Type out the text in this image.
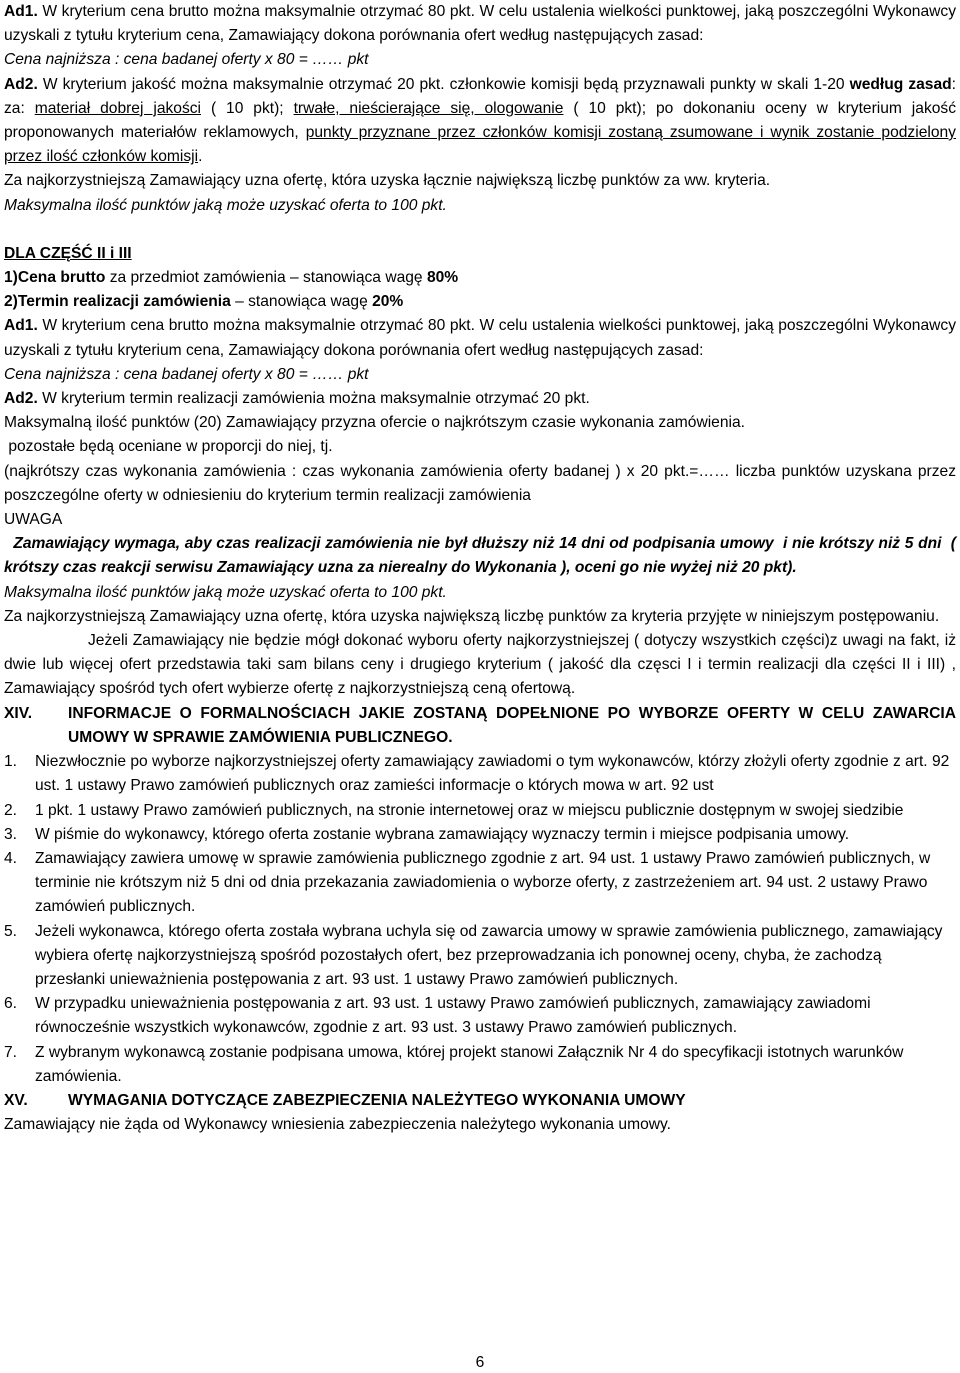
Ad1. W kryterium cena brutto można maksymalnie otrzymać 80 pkt. W celu ustalenia wielkości punktowej, jaką poszczególni Wykonawcy uzyskali z tytułu kryterium cena, Zamawiający dokona porównania ofert według następujących zasad:

Cena najniższa : cena badanej oferty x 80 = …… pkt

Ad2. W kryterium jakość można maksymalnie otrzymać 20 pkt. członkowie komisji będą przyznawali punkty w skali 1-20 według zasad: za: materiał dobrej jakości ( 10 pkt); trwałe, nieścierające się, ologowanie ( 10 pkt); po dokonaniu oceny w kryterium jakość proponowanych materiałów reklamowych, punkty przyznane przez członków komisji zostaną zsumowane i wynik zostanie podzielony przez ilość członków komisji.

Za najkorzystniejszą Zamawiający uzna ofertę, która uzyska łącznie największą liczbę punktów za ww. kryteria.

Maksymalna ilość punktów jaką może uzyskać oferta to 100 pkt.

DLA CZĘŚĆ II i III

1)Cena brutto za przedmiot zamówienia – stanowiąca wagę 80%

2)Termin realizacji zamówienia – stanowiąca wagę 20%

Ad1. W kryterium cena brutto można maksymalnie otrzymać 80 pkt. W celu ustalenia wielkości punktowej, jaką poszczególni Wykonawcy uzyskali z tytułu kryterium cena, Zamawiający dokona porównania ofert według następujących zasad:

Cena najniższa : cena badanej oferty x 80 = …… pkt

Ad2. W kryterium termin realizacji zamówienia można maksymalnie otrzymać 20 pkt.

Maksymalną ilość punktów (20) Zamawiający przyzna ofercie o najkrótszym czasie wykonania zamówienia.

pozostałe będą oceniane w proporcji do niej, tj.

(najkrótszy czas wykonania zamówienia : czas wykonania zamówienia oferty badanej ) x 20 pkt.=…… liczba punktów uzyskana przez poszczególne oferty w odniesieniu do kryterium termin realizacji zamówienia

UWAGA

Zamawiający wymaga, aby czas realizacji zamówienia nie był dłuższy niż 14 dni od podpisania umowy  i nie krótszy niż 5 dni  ( krótszy czas reakcji serwisu Zamawiający uzna za nierealny do Wykonania ), oceni go nie wyżej niż 20 pkt).

Maksymalna ilość punktów jaką może uzyskać oferta to 100 pkt.

Za najkorzystniejszą Zamawiający uzna ofertę, która uzyska największą liczbę punktów za kryteria przyjęte w niniejszym postępowaniu.

Jeżeli Zamawiający nie będzie mógł dokonać wyboru oferty najkorzystniejszej ( dotyczy wszystkich części)z uwagi na fakt, iż dwie lub więcej ofert przedstawia taki sam bilans ceny i drugiego kryterium ( jakość dla częsci I i termin realizacji dla części II i III) , Zamawiający spośród tych ofert wybierze ofertę z najkorzystniejszą ceną ofertową.

XIV.	INFORMACJE O FORMALNOŚCIACH JAKIE ZOSTANĄ DOPEŁNIONE PO WYBORZE OFERTY W CELU ZAWARCIA UMOWY W SPRAWIE ZAMÓWIENIA PUBLICZNEGO.
1.	Niezwłocznie po wyborze najkorzystniejszej oferty zamawiający zawiadomi o tym wykonawców, którzy złożyli oferty zgodnie z art. 92 ust. 1 ustawy Prawo zamówień publicznych oraz zamieści informacje o których mowa w art. 92 ust
2.	1 pkt. 1 ustawy Prawo zamówień publicznych, na stronie internetowej oraz w miejscu publicznie dostępnym w swojej siedzibie
3.	W piśmie do wykonawcy, którego oferta zostanie wybrana zamawiający wyznaczy termin i miejsce podpisania umowy.
4.	Zamawiający zawiera umowę w sprawie zamówienia publicznego zgodnie z art. 94 ust. 1 ustawy Prawo zamówień publicznych, w terminie nie krótszym niż 5 dni od dnia przekazania zawiadomienia o wyborze oferty, z zastrzeżeniem art. 94 ust. 2 ustawy Prawo zamówień publicznych.
5.	Jeżeli wykonawca, którego oferta została wybrana uchyla się od zawarcia umowy w sprawie zamówienia publicznego, zamawiający wybiera ofertę najkorzystniejszą spośród pozostałych ofert, bez przeprowadzania ich ponownej oceny, chyba, że zachodzą przesłanki unieważnienia postępowania z art. 93 ust. 1 ustawy Prawo zamówień publicznych.
6.	W przypadku unieważnienia postępowania z art. 93 ust. 1 ustawy Prawo zamówień publicznych, zamawiający zawiadomi równocześnie wszystkich wykonawców, zgodnie z art. 93 ust. 3 ustawy Prawo zamówień publicznych.
7.	Z wybranym wykonawcą zostanie podpisana umowa, której projekt stanowi Załącznik Nr 4 do specyfikacji istotnych warunków zamówienia.
XV.	WYMAGANIA DOTYCZĄCE ZABEZPIECZENIA NALEŻYTEGO WYKONANIA UMOWY

Zamawiający nie żąda od Wykonawcy wniesienia zabezpieczenia należytego wykonania umowy.

6
